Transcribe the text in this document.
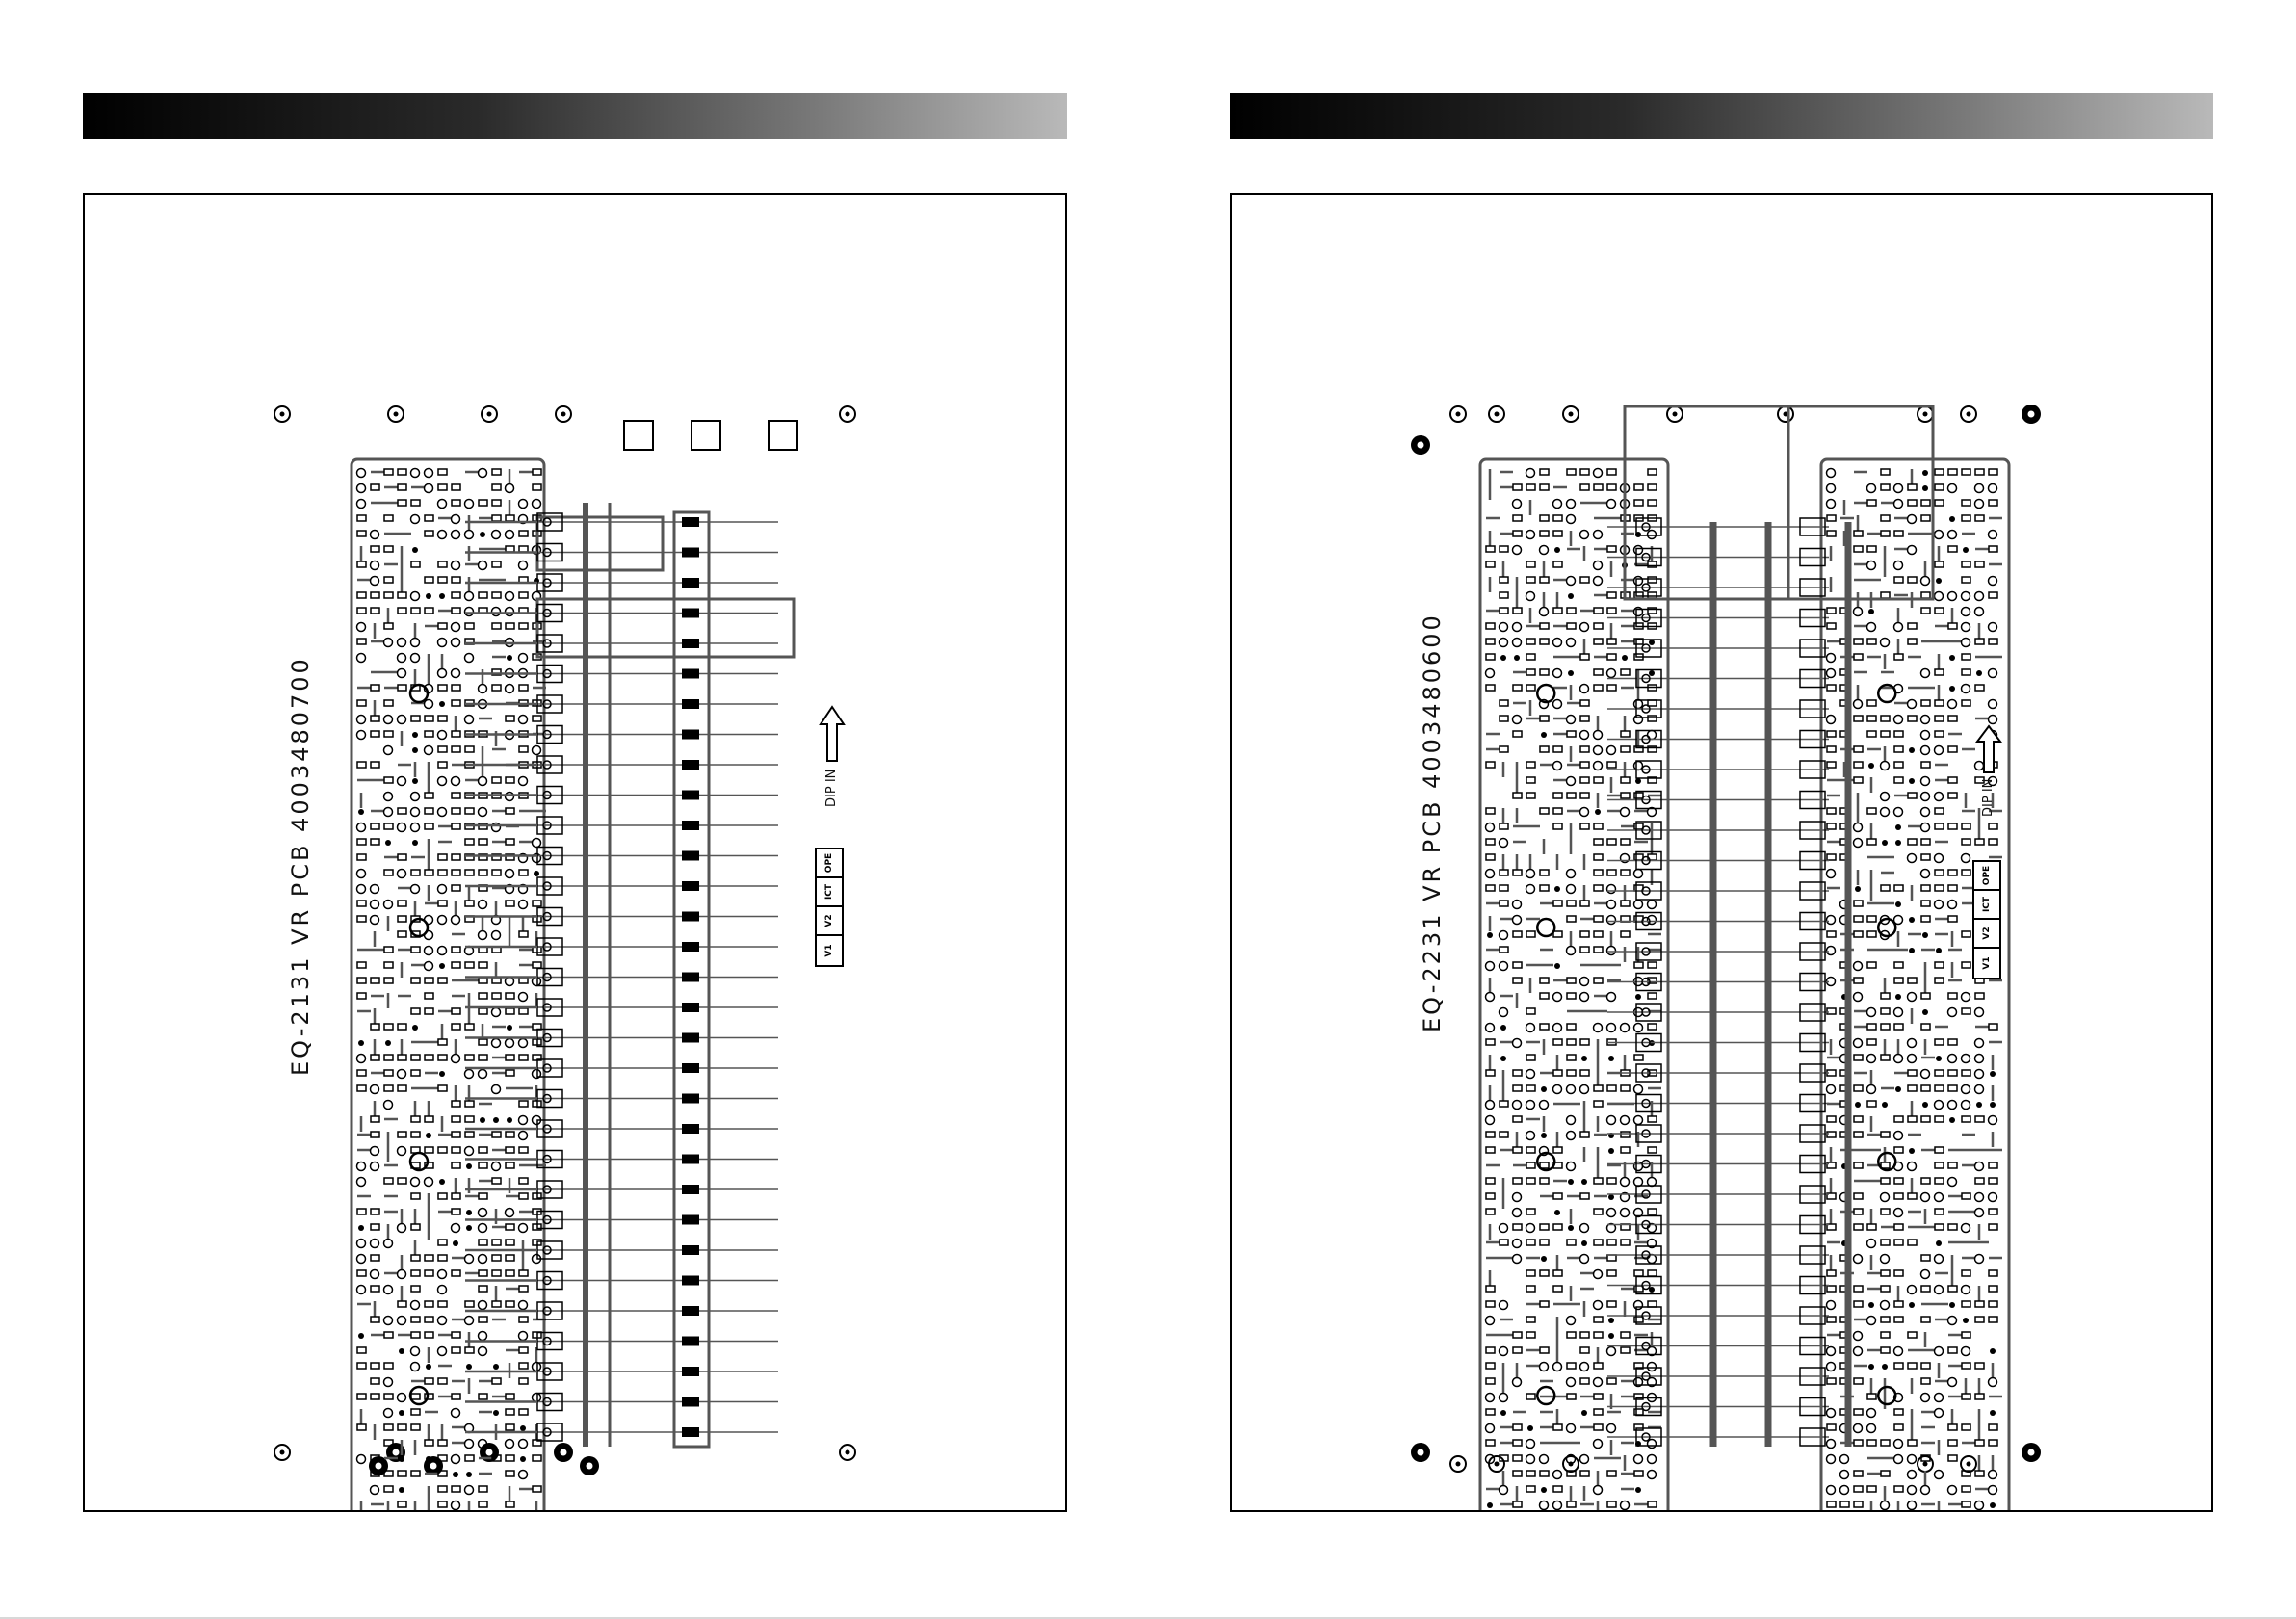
EQ-2131 VR PCB 4003480700	DIP IN
OPE
ICT
V2
V1	EQ-2231 VR PCB 4003480600	DIP IN
OPE
ICT
V2
V1
